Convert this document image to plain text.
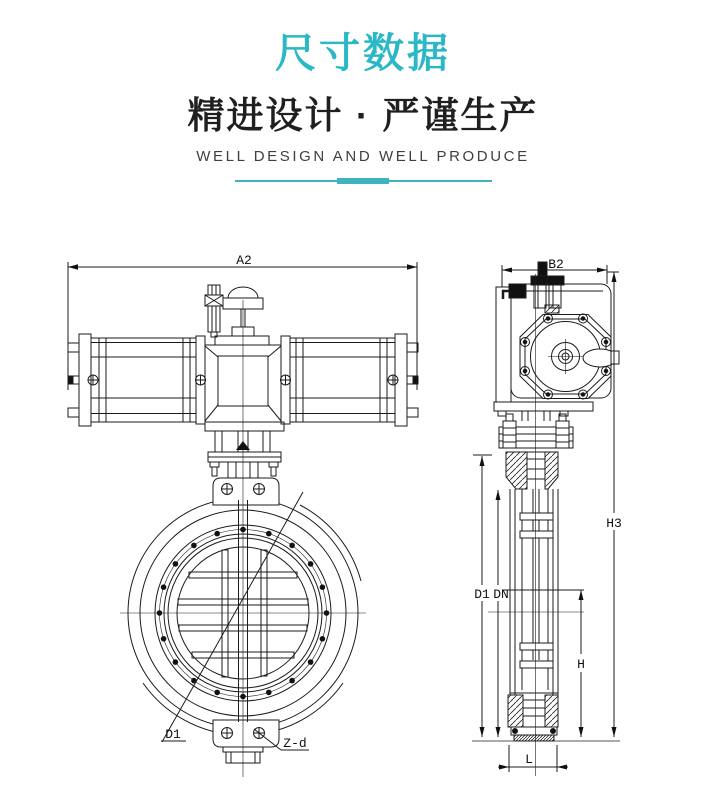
尺寸数据
精进设计 · 严谨生产
WELL DESIGN AND WELL PRODUCE
A2
D1
Z-d
B2
H3
D1 DN
H
L
